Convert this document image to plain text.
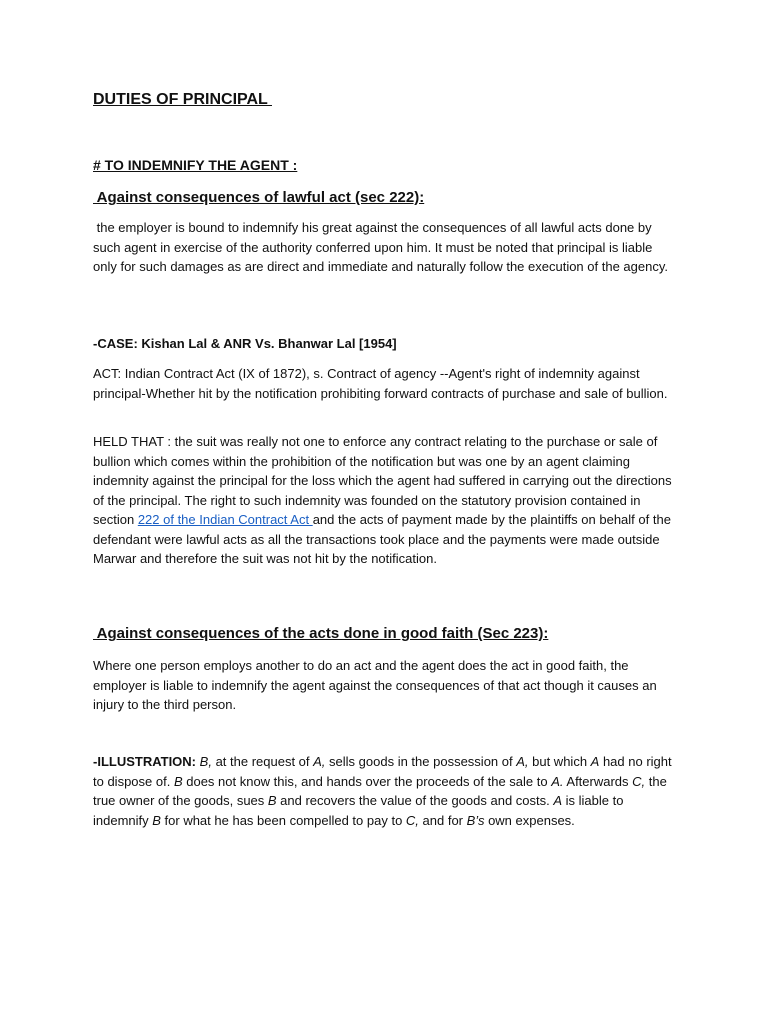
DUTIES OF PRINCIPAL
# TO INDEMNIFY THE AGENT :
Against consequences of lawful act (sec 222):

the employer is bound to indemnify his great against the consequences of all lawful acts done by such agent in exercise of the authority conferred upon him. It must be noted that principal is liable only for such damages as are direct and immediate and naturally follow the execution of the agency.

-CASE: Kishan Lal & ANR Vs. Bhanwar Lal [1954]

ACT: Indian Contract Act (IX of 1872), s. Contract of agency --Agent's right of indemnity against principal-Whether hit by the notification prohibiting forward contracts of purchase and sale of bullion.

HELD THAT : the suit was really not one to enforce any contract relating to the purchase or sale of bullion which comes within the prohibition of the notification but was one by an agent claiming indemnity against the principal for the loss which the agent had suffered in carrying out the directions of the principal. The right to such indemnity was founded on the statutory provision contained in section 222 of the Indian Contract Act and the acts of payment made by the plaintiffs on behalf of the defendant were lawful acts as all the transactions took place and the payments were made outside Marwar and therefore the suit was not hit by the notification.

Against consequences of the acts done in good faith (Sec 223):

Where one person employs another to do an act and the agent does the act in good faith, the employer is liable to indemnify the agent against the consequences of that act though it causes an injury to the third person.

-ILLUSTRATION: B, at the request of A, sells goods in the possession of A, but which A had no right to dispose of. B does not know this, and hands over the proceeds of the sale to A. Afterwards C, the true owner of the goods, sues B and recovers the value of the goods and costs. A is liable to indemnify B for what he has been compelled to pay to C, and for B’s own expenses.
